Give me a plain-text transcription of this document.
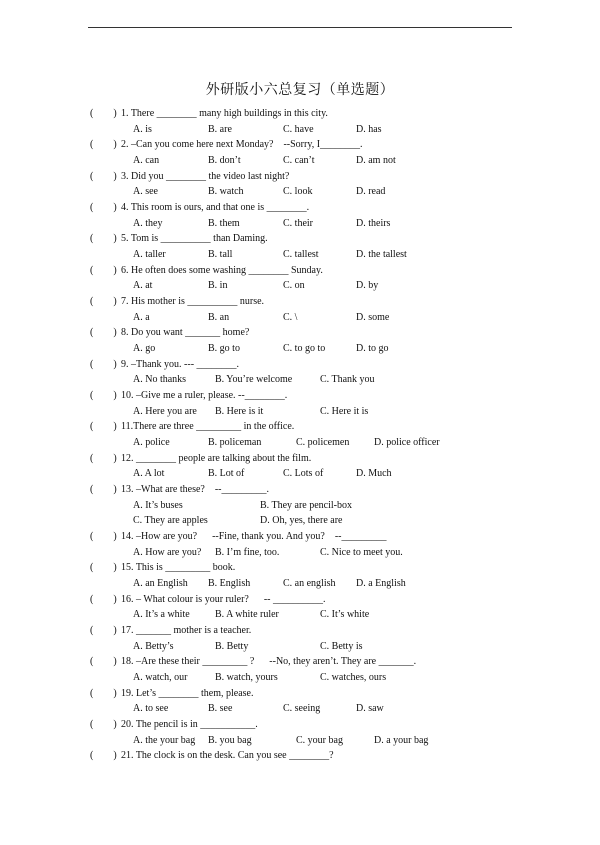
外研版小六总复习（单选题）
(        ) 1. There ________ many high buildings in this city.
A. is	B. are	C. have	D. has
(        ) 2. –Can you come here next Monday?    --Sorry, I________.
A. can	B. don’t	C. can’t	D. am not
(        ) 3. Did you ________ the video last night?
A. see	B. watch	C. look	D. read
(        ) 4. This room is ours, and that one is ________.
A. they	B. them	C. their	D. theirs
(        ) 5. Tom is __________ than Daming.
A. taller	B. tall	C. tallest	D. the tallest
(        ) 6. He often does some washing ________ Sunday.
A. at	B. in	C. on	D. by
(        ) 7. His mother is __________ nurse.
A. a	B. an	C. \	D. some
(        ) 8. Do you want _______ home?
A. go	B. go to	C. to go to	D. to go
(        ) 9. –Thank you. --- ________.
A. No thanks	B. You’re welcome	C. Thank you
(        ) 10. –Give me a ruler, please. --________.
A. Here you are B. Here is it	C. Here it is
(        ) 11.There are three _________ in the office.
A. police	B. policeman	C. policemen D. police officer
(        ) 12. ________ people are talking about the film.
A. A lot	B. Lot of	C. Lots of	D. Much
(        ) 13. –What are these?    --_________.
A. It’s buses	B. They are pencil-box
C. They are apples	D. Oh, yes, there are
(        ) 14. –How are you?      --Fine, thank you. And you?    --_________
A. How are you? B. I’m fine, too.	C. Nice to meet you.
(        ) 15. This is _________ book.
A. an English B. English	C. an english D. a English
(        ) 16. – What colour is your ruler?      -- __________.
A. It’s a white	B. A white ruler	C. It’s white
(        ) 17. _______ mother is a teacher.
A. Betty’s	B. Betty	C. Betty is
(        ) 18. –Are these their _________ ?      --No, they aren’t. They are _______.
A. watch, our	B. watch, yours	C. watches, ours
(        ) 19. Let’s ________ them, please.
A. to see	B. see	C. seeing	D. saw
(        ) 20. The pencil is in ___________.
A. the your bag B. you bag	C. your bag	D. a your bag
(        ) 21. The clock is on the desk. Can you see ________?
